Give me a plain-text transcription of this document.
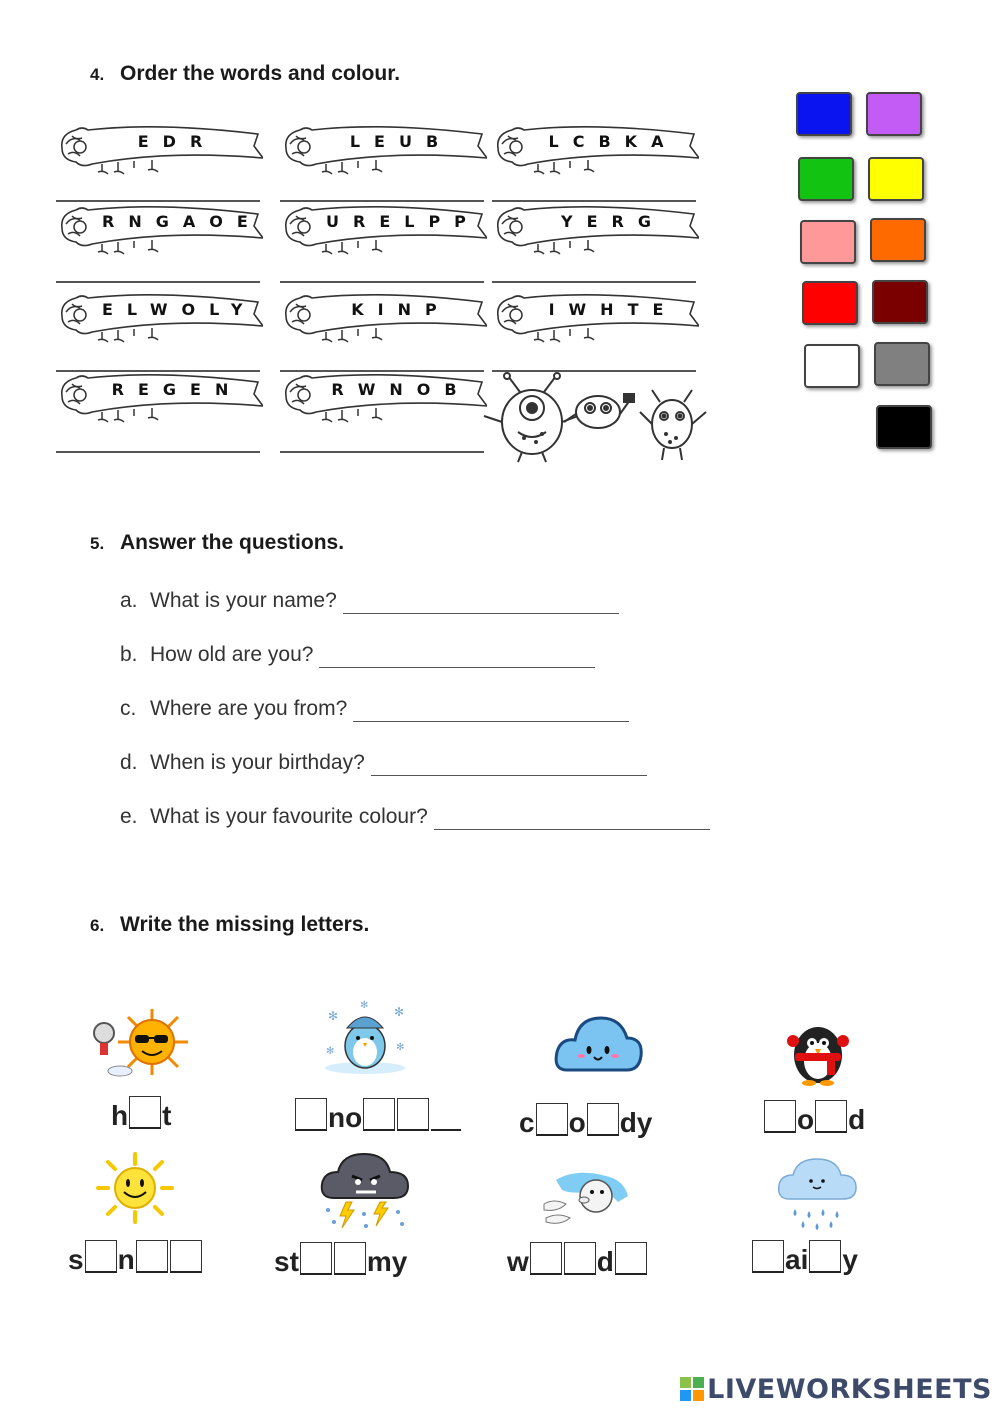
4. Order the words and colour.
EDR	LEUB	LCBKA
RNGAOE	URELPP	YERG
ELWOLY	KINP	IWHTE
REGEN	RWNOB
5. Answer the questions.
a. What is your name?
b. How old are you?
c. Where are you from?
d. When is your birthday?
e. What is your favourite colour?
6. Write the missing letters.
✻	✻
✻	✻
✻
h t	no	c o dy	o d
s n	st my	w d	ai y
LIVEWORKSHEETS
